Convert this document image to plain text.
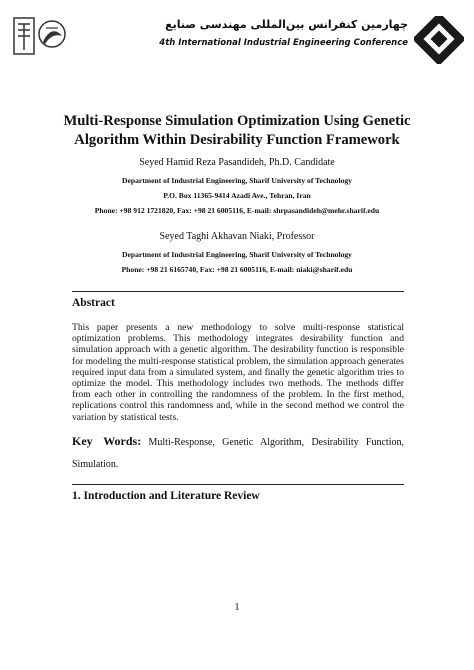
چهارمین کنفرانس بین‌المللی مهندسی صنایع
4th International Industrial Engineering Conference
Multi-Response Simulation Optimization Using Genetic
Algorithm Within Desirability Function Framework
Seyed Hamid Reza Pasandideh, Ph.D. Candidate
Department of Industrial Engineering, Sharif University of Technology
P.O. Box 11365-9414 Azadi Ave., Tehran, Iran
Phone: +98 912 1721820, Fax: +98 21 6005116, E-mail: shrpasandideh@mehr.sharif.edu
Seyed Taghi Akhavan Niaki, Professor
Department of Industrial Engineering, Sharif University of Technology
Phone: +98 21 6165740, Fax: +98 21 6005116, E-mail: niaki@sharif.edu
Abstract
This paper presents a new methodology to solve multi-response statistical optimization problems. This methodology integrates desirability function and simulation approach with a genetic algorithm. The desirability function is responsible for modeling the multi-response statistical problem, the simulation approach generates required input data from a simulated system, and finally the genetic algorithm tries to optimize the model. This methodology includes two methods. The methods differ from each other in controlling the randomness of the problem. In the first method, replications control this randomness and, while in the second method we control the variation by statistical tests.
Key Words: Multi-Response, Genetic Algorithm, Desirability Function,
Simulation.
1. Introduction and Literature Review
1
